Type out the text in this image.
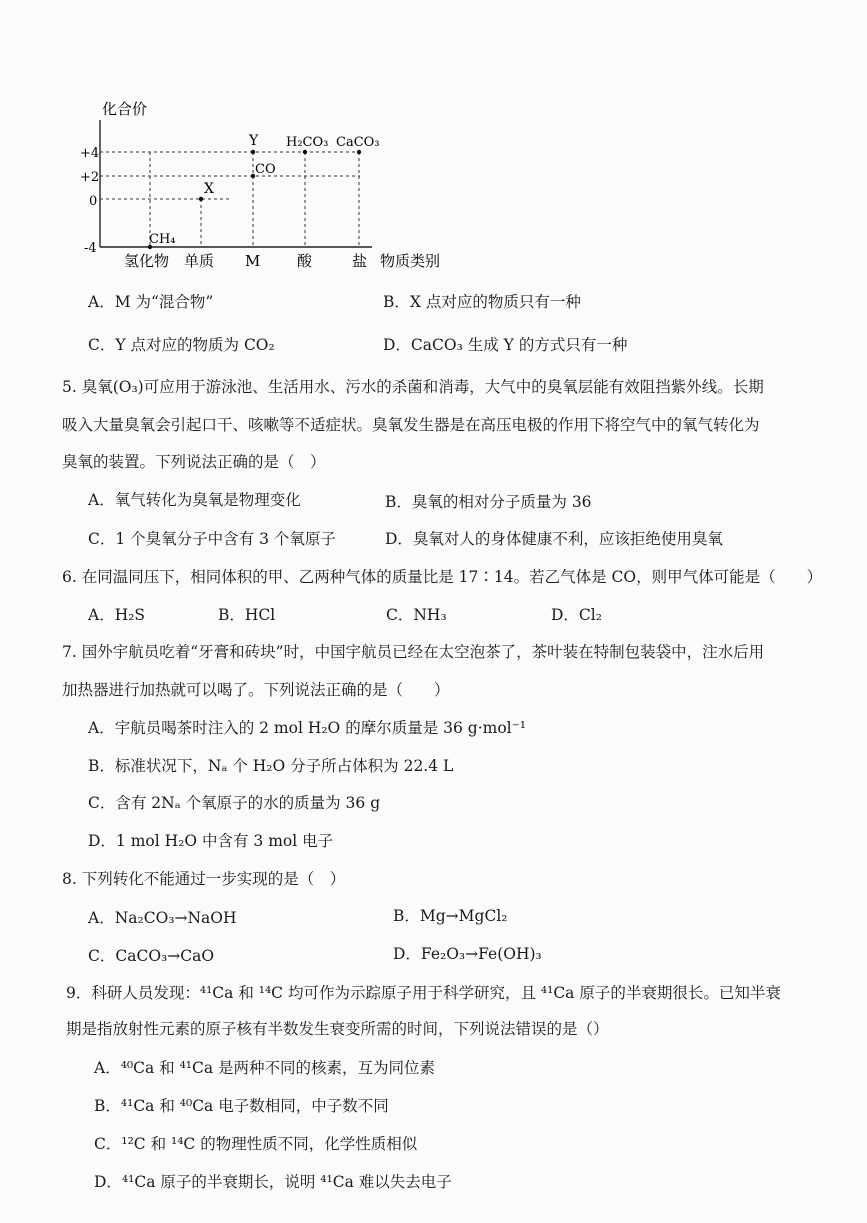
化合价
+4
+2
0
-4
氢化物 单质 M 酸	盐 物质类别
CH₄
X
Y
CO
H₂CO₃ CaCO₃
A．M 为“混合物”	B．X 点对应的物质只有一种
C．Y 点对应的物质为 CO₂	D．CaCO₃ 生成 Y 的方式只有一种
5. 臭氧(O₃)可应用于游泳池、生活用水、污水的杀菌和消毒，大气中的臭氧层能有效阻挡紫外线。长期
吸入大量臭氧会引起口干、咳嗽等不适症状。臭氧发生器是在高压电极的作用下将空气中的氧气转化为
臭氧的装置。下列说法正确的是（　）
A．氧气转化为臭氧是物理变化	B．臭氧的相对分子质量为 36
C．1 个臭氧分子中含有 3 个氧原子	D．臭氧对人的身体健康不利，应该拒绝使用臭氧
6. 在同温同压下，相同体积的甲、乙两种气体的质量比是 17∶14。若乙气体是 CO，则甲气体可能是（　　）
A．H₂S	B．HCl	C．NH₃	D．Cl₂
7. 国外宇航员吃着“牙膏和砖块”时，中国宇航员已经在太空泡茶了，茶叶装在特制包装袋中，注水后用
加热器进行加热就可以喝了。下列说法正确的是（　　）
A．宇航员喝茶时注入的 2 mol H₂O 的摩尔质量是 36 g·mol⁻¹
B．标准状况下，Nₐ 个 H₂O 分子所占体积为 22.4 L
C．含有 2Nₐ 个氧原子的水的质量为 36 g
D．1 mol H₂O 中含有 3 mol 电子
8. 下列转化不能通过一步实现的是（　）
A．Na₂CO₃→NaOH	B．Mg→MgCl₂
C．CaCO₃→CaO	D．Fe₂O₃→Fe(OH)₃
9．科研人员发现：⁴¹Ca 和 ¹⁴C 均可作为示踪原子用于科学研究，且 ⁴¹Ca 原子的半衰期很长。已知半衰
期是指放射性元素的原子核有半数发生衰变所需的时间，下列说法错误的是（）
A．⁴⁰Ca 和 ⁴¹Ca 是两种不同的核素，互为同位素
B．⁴¹Ca 和 ⁴⁰Ca 电子数相同，中子数不同
C．¹²C 和 ¹⁴C 的物理性质不同，化学性质相似
D．⁴¹Ca 原子的半衰期长，说明 ⁴¹Ca 难以失去电子
